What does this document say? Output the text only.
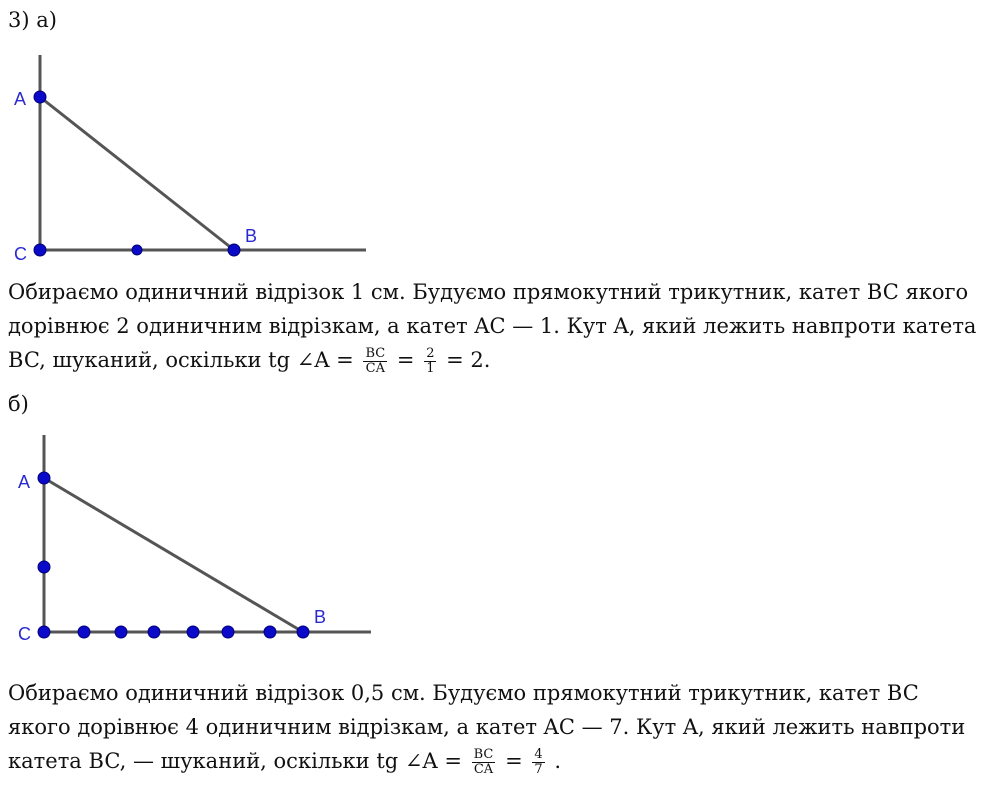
3) а)
A
C
B
Обираємо одиничний відрізок 1 см. Будуємо прямокутний трикутник, катет BC якого
дорівнює 2 одиничним відрізкам, а катет AC — 1. Кут A, який лежить навпроти катета
BC, шуканий, оскільки tg ∠A = $\frac{BC}{CA} = \frac{2}{1} = 2$.
б)
A
C
B
Обираємо одиничний відрізок 0,5 см. Будуємо прямокутний трикутник, катет BC
якого дорівнює 4 одиничним відрізкам, а катет AC — 7. Кут A, який лежить навпроти
катета BC, — шуканий, оскільки tg ∠A = $\frac{BC}{CA} = \frac{4}{7}$ .
